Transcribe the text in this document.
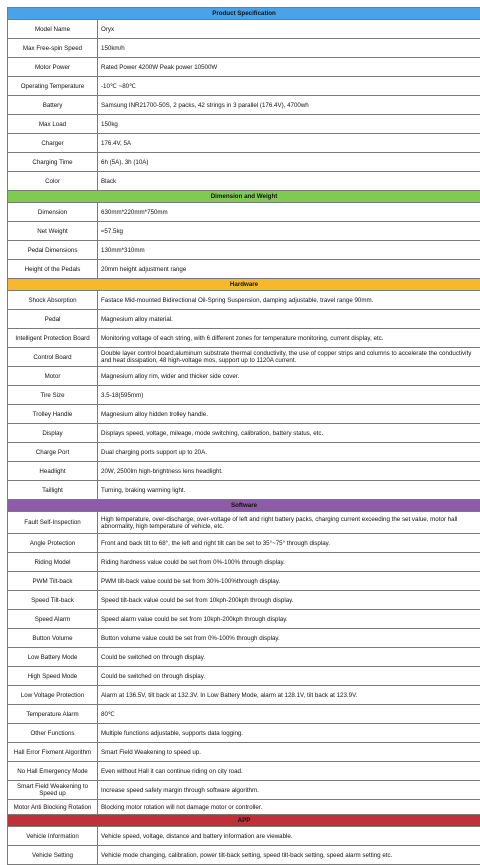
Product Specification	
Model Name	Oryx
Max Free-spin Speed	150km/h
Motor Power	Rated Power 4200W Peak power 10500W
Operating Temperature	-10℃ ~80℃
Battery	Samsung INR21700-50S, 2 packs, 42 strings in 3 parallel (176.4V), 4700wh
Max Load	150kg
Charger	176.4V, 5A
Charging Time	6h (5A), 3h (10A)
Color	Black
Dimension and Weight	
Dimension	630mm*220mm*750mm
Net Weight	≈57.5kg
Pedal Dimensions	130mm*310mm
Height of the Pedals	20mm height adjustment range
Hardware	
Shock Absorption	Fastace Mid-mounted Bidirectional Oil-Spring Suspension, damping adjustable, travel range 90mm.
Pedal	Magnesium alloy material.
Intelligent Protection Board	Monitoring voltage of each string, with 6 different zones for temperature monitoring, current display, etc.
Control Board	Double layer control board;aluminum substrate thermal conductivity, the use of copper strips and columns to accelerate the conductivity and heat dissipation, 48 high-voltage mos, support up to 1120A current.
Motor	Magnesium alloy rim, wider and thicker side cover.
Tire Size	3.5-18(595mm)
Trolley Handle	Magnesium alloy hidden trolley handle.
Display	Displays speed, voltage, mileage, mode switching, calibration, battery status, etc.
Charge Port	Dual charging ports support up to 20A.
Headlight	20W, 2500lm high-brightness lens headlight.
Taillight	Turning, braking warming light.
Software	
Fault Self-Inspection	High temperature, over-discharge, over-voltage of left and right battery packs, charging current exceeding the set value, motor hall abnormality, high temperature of vehicle, etc.
Angle Protection	Front and back tilt to 68°, the left and right tilt can be set to 35°~75° through display.
Riding Model	Riding hardness value could be set from 0%-100% through display.
PWM Tilt-back	PWM tilt-back value could be set from 30%-100%through display.
Speed Tilt-back	Speed tilt-back value could be set from 10kph-200kph through display.
Speed Alarm	Speed alarm value could be set from 10kph-200kph through display.
Button Volume	Button volume value could be set from 0%-100% through display.
Low Battery Mode	Could be switched on through display.
High Speed Mode	Could be switched on through display.
Low Voltage Protection	Alarm at 136.5V, tilt back at 132.3V. In Low Battery Mode, alarm at 128.1V, tilt back at 123.9V.
Temperature Alarm	80℃
Other Functions	Multiple functions adjustable, supports data logging.
Hall Error Fixment Algorithm	Smart Field Weakening to speed up.
No Hall Emergency Mode	Even without Hall it can continue riding on city road.
Smart Field Weakening to Speed up	Increase speed safety margin through software algorithm.
Motor Anti Blocking Rotation	Blocking motor rotation will not damage motor or controller.
APP	
Vehicle Information	Vehicle speed, voltage, distance and battery information are viewable.
Vehicle Setting	Vehicle mode changing, calibration, power tilt-back setting, speed tilt-back setting, speed alarm setting etc.
